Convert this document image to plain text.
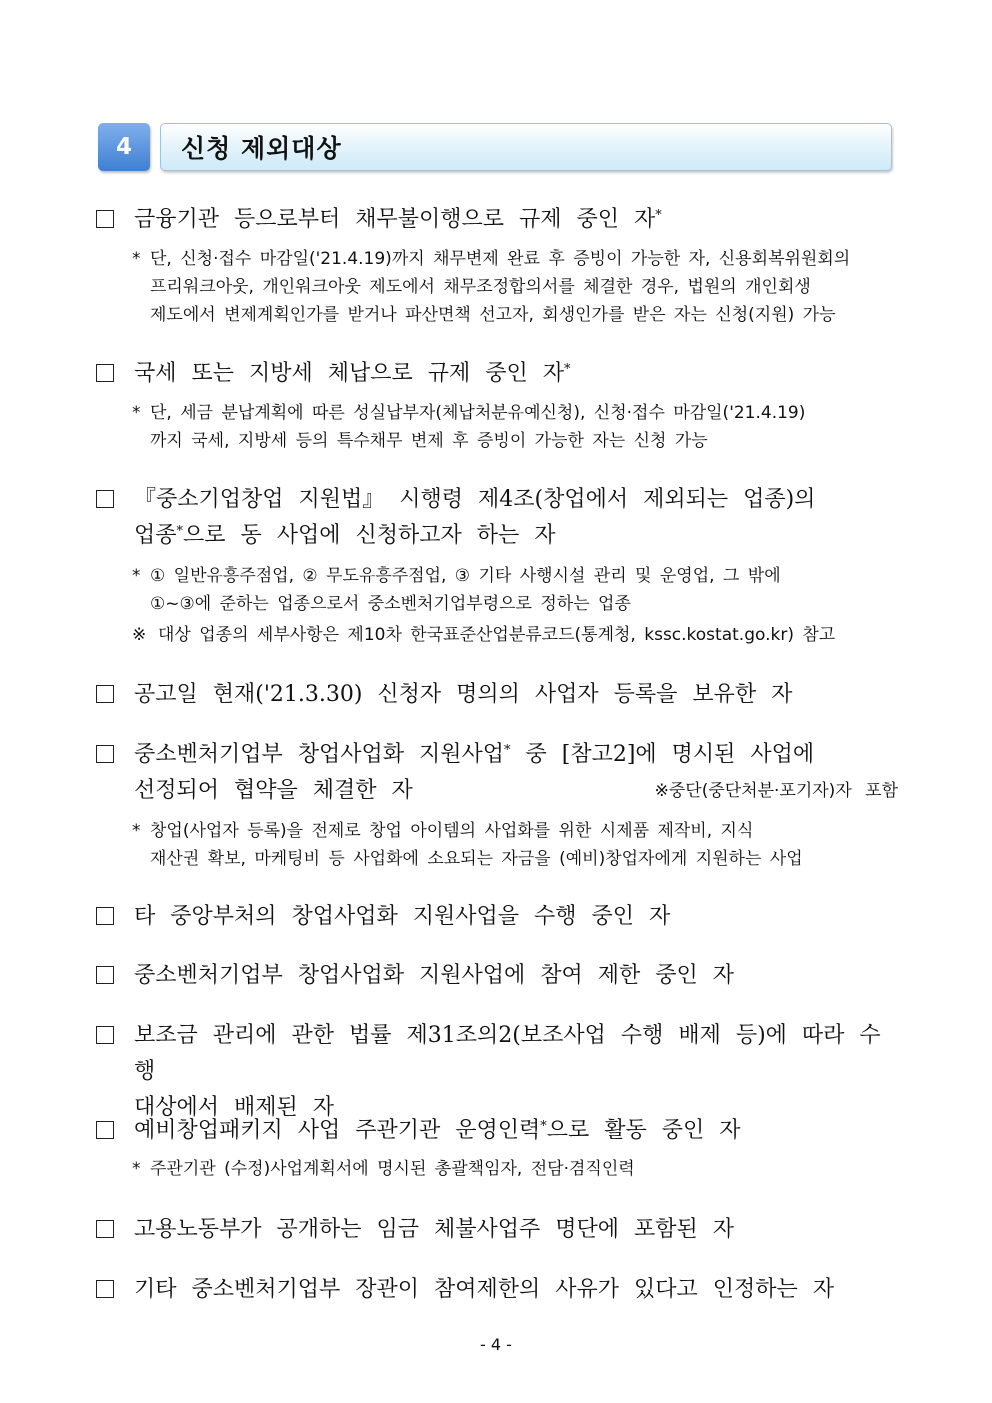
4	신청 제외대상
금융기관 등으로부터 채무불이행으로 규제 중인 자*
* 단, 신청·접수 마감일('21.4.19)까지 채무변제 완료 후 증빙이 가능한 자, 신용회복위원회의
프리워크아웃, 개인워크아웃 제도에서 채무조정합의서를 체결한 경우, 법원의 개인회생
제도에서 변제계획인가를 받거나 파산면책 선고자, 회생인가를 받은 자는 신청(지원) 가능
국세 또는 지방세 체납으로 규제 중인 자*
* 단, 세금 분납계획에 따른 성실납부자(체납처분유예신청), 신청·접수 마감일('21.4.19)
까지 국세, 지방세 등의 특수채무 변제 후 증빙이 가능한 자는 신청 가능
『중소기업창업 지원법』 시행령 제4조(창업에서 제외되는 업종)의
업종*으로 동 사업에 신청하고자 하는 자
* ① 일반유흥주점업, ② 무도유흥주점업, ③ 기타 사행시설 관리 및 운영업, 그 밖에
①~③에 준하는 업종으로서 중소벤처기업부령으로 정하는 업종
※ 대상 업종의 세부사항은 제10차 한국표준산업분류코드(통계청, kssc.kostat.go.kr) 참고
공고일 현재('21.3.30) 신청자 명의의 사업자 등록을 보유한 자
중소벤처기업부 창업사업화 지원사업* 중 [참고2]에 명시된 사업에
선정되어 협약을 체결한 자	※중단(중단처분·포기자)자 포함
* 창업(사업자 등록)을 전제로 창업 아이템의 사업화를 위한 시제품 제작비, 지식
재산권 확보, 마케팅비 등 사업화에 소요되는 자금을 (예비)창업자에게 지원하는 사업
타 중앙부처의 창업사업화 지원사업을 수행 중인 자
중소벤처기업부 창업사업화 지원사업에 참여 제한 중인 자
보조금 관리에 관한 법률 제31조의2(보조사업 수행 배제 등)에 따라 수행
대상에서 배제된 자
예비창업패키지 사업 주관기관 운영인력*으로 활동 중인 자
* 주관기관 (수정)사업계획서에 명시된 총괄책임자, 전담·겸직인력
고용노동부가 공개하는 임금 체불사업주 명단에 포함된 자
기타 중소벤처기업부 장관이 참여제한의 사유가 있다고 인정하는 자
- 4 -
